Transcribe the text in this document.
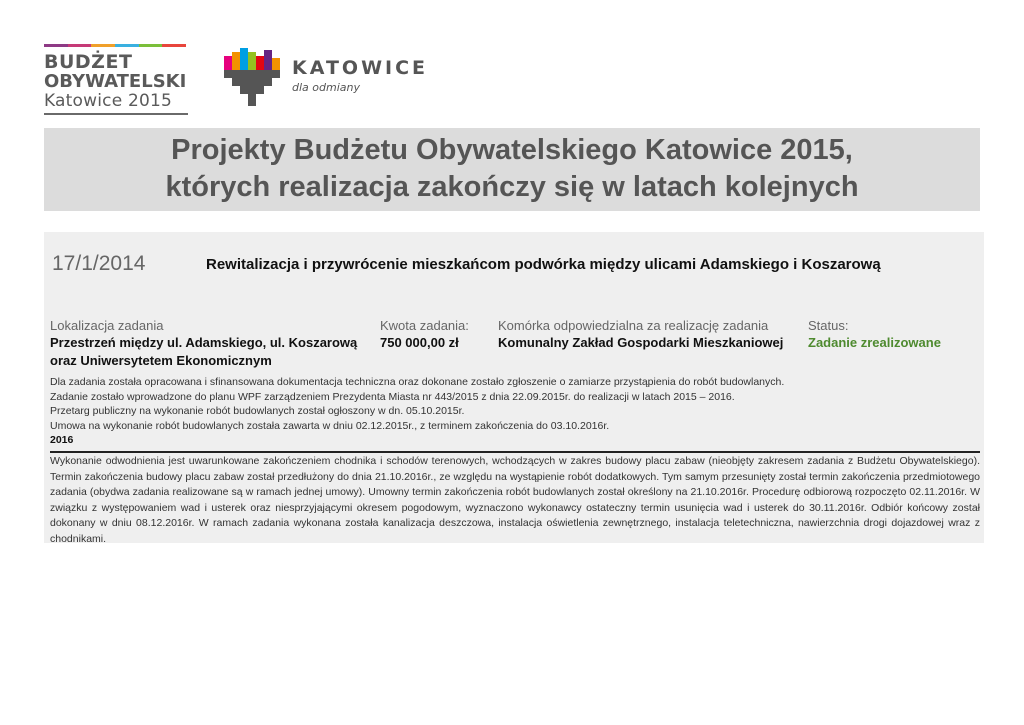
BUDŻET
OBYWATELSKI
Katowice 2015
KATOWICE
dla odmiany
Projekty Budżetu Obywatelskiego Katowice 2015,
których realizacja zakończy się w latach kolejnych
17/1/2014	Rewitalizacja i przywrócenie mieszkańcom podwórka między ulicami Adamskiego i Koszarową
Lokalizacja zadania
Przestrzeń między ul. Adamskiego, ul. Koszarową oraz Uniwersytetem Ekonomicznym
Kwota zadania:
750 000,00 zł
Komórka odpowiedzialna za realizację zadania
Komunalny Zakład Gospodarki Mieszkaniowej
Status:
Zadanie zrealizowane
Dla zadania została opracowana i sfinansowana dokumentacja techniczna oraz dokonane zostało zgłoszenie o zamiarze przystąpienia do robót budowlanych.
Zadanie zostało wprowadzone do planu WPF zarządzeniem Prezydenta Miasta nr 443/2015 z dnia 22.09.2015r. do realizacji w latach 2015 – 2016.
Przetarg publiczny na wykonanie robót budowlanych został ogłoszony w dn. 05.10.2015r.
Umowa na wykonanie robót budowlanych została zawarta w dniu 02.12.2015r., z terminem zakończenia do 03.10.2016r.
2016
Wykonanie odwodnienia jest uwarunkowane zakończeniem chodnika i schodów terenowych, wchodzących w zakres budowy placu zabaw (nieobjęty zakresem zadania z Budżetu Obywatelskiego). Termin zakończenia budowy placu zabaw został przedłużony do dnia 21.10.2016r., ze względu na wystąpienie robót dodatkowych. Tym samym przesunięty został termin zakończenia przedmiotowego zadania (obydwa zadania realizowane są w ramach jednej umowy). Umowny termin zakończenia robót budowlanych został określony na 21.10.2016r. Procedurę odbiorową rozpoczęto 02.11.2016r. W związku z występowaniem wad i usterek oraz niesprzyjającymi okresem pogodowym, wyznaczono wykonawcy ostateczny termin usunięcia wad i usterek do 30.11.2016r. Odbiór końcowy został dokonany w dniu 08.12.2016r. W ramach zadania wykonana została kanalizacja deszczowa, instalacja oświetlenia zewnętrznego, instalacja teletechniczna, nawierzchnia drogi dojazdowej wraz z chodnikami.
